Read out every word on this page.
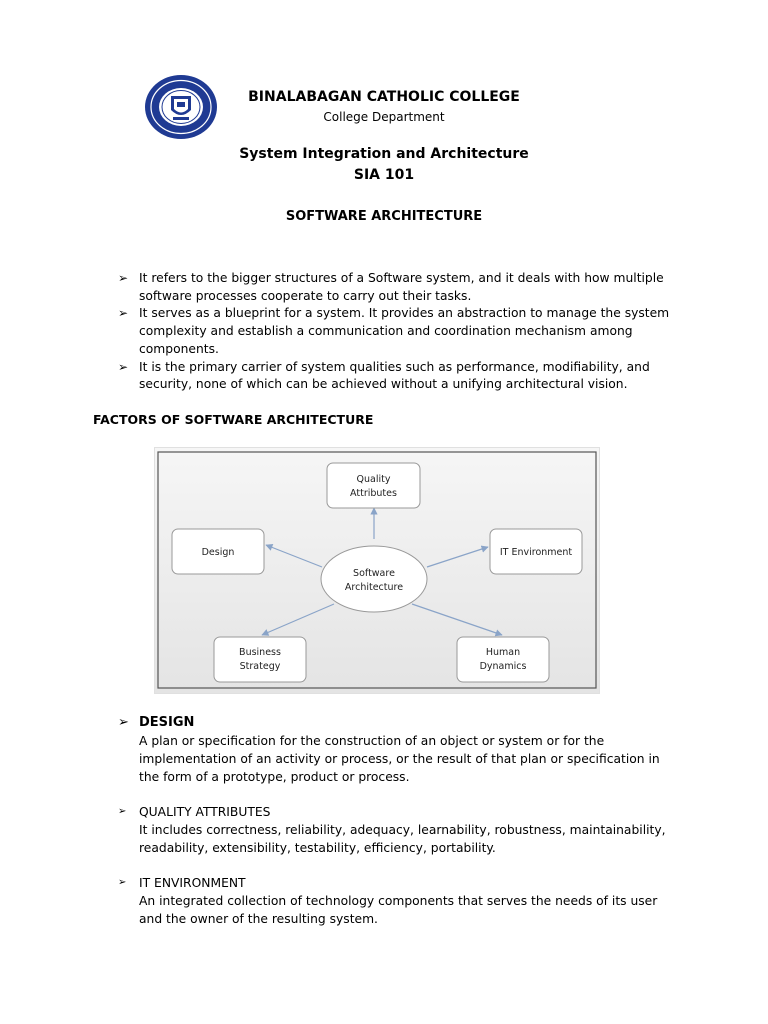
BINALABAGAN CATHOLIC COLLEGE
College Department
System Integration and Architecture
SIA 101
SOFTWARE ARCHITECTURE
➢ It refers to the bigger structures of a Software system, and it deals with how multiple software processes cooperate to carry out their tasks.
➢ It serves as a blueprint for a system. It provides an abstraction to manage the system complexity and establish a communication and coordination mechanism among components.
➢ It is the primary carrier of system qualities such as performance, modifiability, and security, none of which can be achieved without a unifying architectural vision.
FACTORS OF SOFTWARE ARCHITECTURE
Software
Architecture
Quality
Attributes
Design	IT Environment
Business
Strategy
Human
Dynamics
➢ DESIGN
A plan or specification for the construction of an object or system or for the implementation of an activity or process, or the result of that plan or specification in the form of a prototype, product or process.
➢ QUALITY ATTRIBUTES
It includes correctness, reliability, adequacy, learnability, robustness, maintainability, readability, extensibility, testability, efficiency, portability.
➢ IT ENVIRONMENT
An integrated collection of technology components that serves the needs of its user and the owner of the resulting system.
